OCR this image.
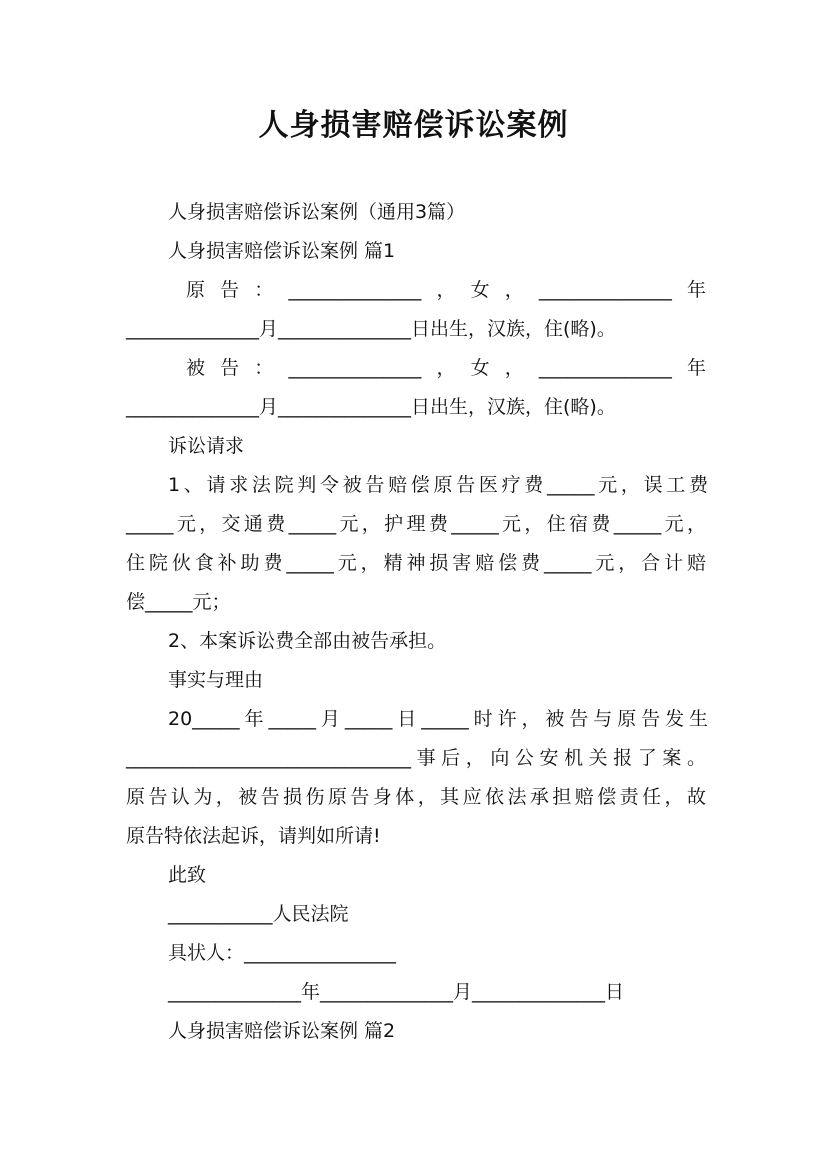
人身损害赔偿诉讼案例

人身损害赔偿诉讼案例（通用3篇）

人身损害赔偿诉讼案例 篇1

原告：______________，女，______________年

______________月______________日出生，汉族，住(略)。

被告：______________，女，______________年

______________月______________日出生，汉族，住(略)。

诉讼请求

1、请求法院判令被告赔偿原告医疗费_____元，误工费

_____元，交通费_____元，护理费_____元，住宿费_____元，

住院伙食补助费_____元，精神损害赔偿费_____元，合计赔

偿_____元；

2、本案诉讼费全部由被告承担。

事实与理由

20_____年_____月_____日_____时许，被告与原告发生

______________________________事后，向公安机关报了案。

原告认为，被告损伤原告身体，其应依法承担赔偿责任，故

原告特依法起诉，请判如所请!

此致

___________人民法院

具状人：________________

______________年______________月______________日

人身损害赔偿诉讼案例 篇2
